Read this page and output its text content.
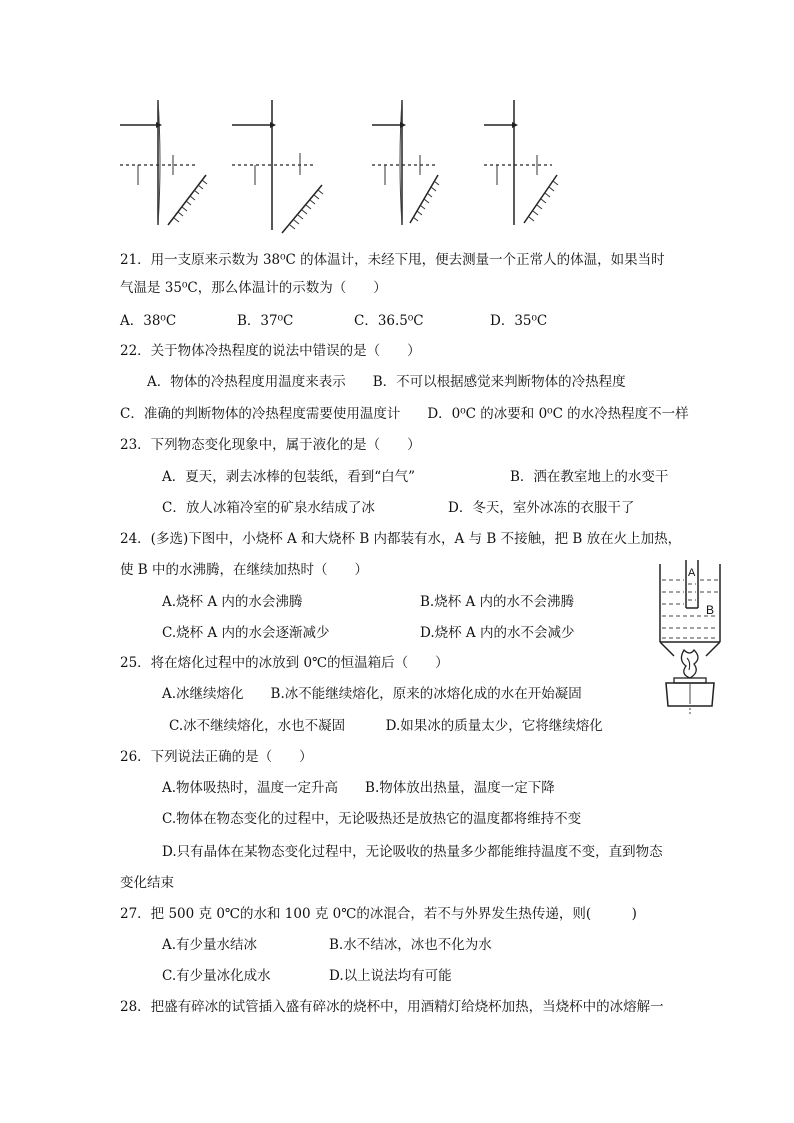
21．用一支原来示数为 38⁰C 的体温计，未经下甩，便去测量一个正常人的体温，如果当时
气温是 35⁰C，那么体温计的示数为（　　）
A．38⁰C	B．37⁰C	C．36.5⁰C	D．35⁰C
22．关于物体冷热程度的说法中错误的是（　　）
A．物体的冷热程度用温度来表示　　B．不可以根据感觉来判断物体的冷热程度
C．准确的判断物体的冷热程度需要使用温度计　　D．0⁰C 的冰要和 0⁰C 的水冷热程度不一样
23．下列物态变化现象中，属于液化的是（　　）
A．夏天，剥去冰棒的包装纸，看到“白气”	B．洒在教室地上的水变干
C．放人冰箱冷室的矿泉水结成了冰	D．冬天，室外冰冻的衣服干了
24．(多选)下图中，小烧杯 A 和大烧杯 B 内都装有水，A 与 B 不接触，把 B 放在火上加热，
使 B 中的水沸腾，在继续加热时（　　）
A.烧杯 A 内的水会沸腾	B.烧杯 A 内的水不会沸腾
C.烧杯 A 内的水会逐渐减少	D.烧杯 A 内的水不会减少
A
B
25．将在熔化过程中的冰放到 0℃的恒温箱后（　　）
A.冰继续熔化　　B.冰不能继续熔化，原来的冰熔化成的水在开始凝固
C.冰不继续熔化，水也不凝固　　　D.如果冰的质量太少，它将继续熔化
26．下列说法正确的是（　　）
A.物体吸热时，温度一定升高　　B.物体放出热量，温度一定下降
C.物体在物态变化的过程中，无论吸热还是放热它的温度都将维持不变
D.只有晶体在某物态变化过程中，无论吸收的热量多少都能维持温度不变，直到物态
变化结束
27．把 500 克 0℃的水和 100 克 0℃的冰混合，若不与外界发生热传递，则(　　　)
A.有少量水结冰	B.水不结冰，冰也不化为水
C.有少量冰化成水	D.以上说法均有可能
28．把盛有碎冰的试管插入盛有碎冰的烧杯中，用酒精灯给烧杯加热，当烧杯中的冰熔解一
